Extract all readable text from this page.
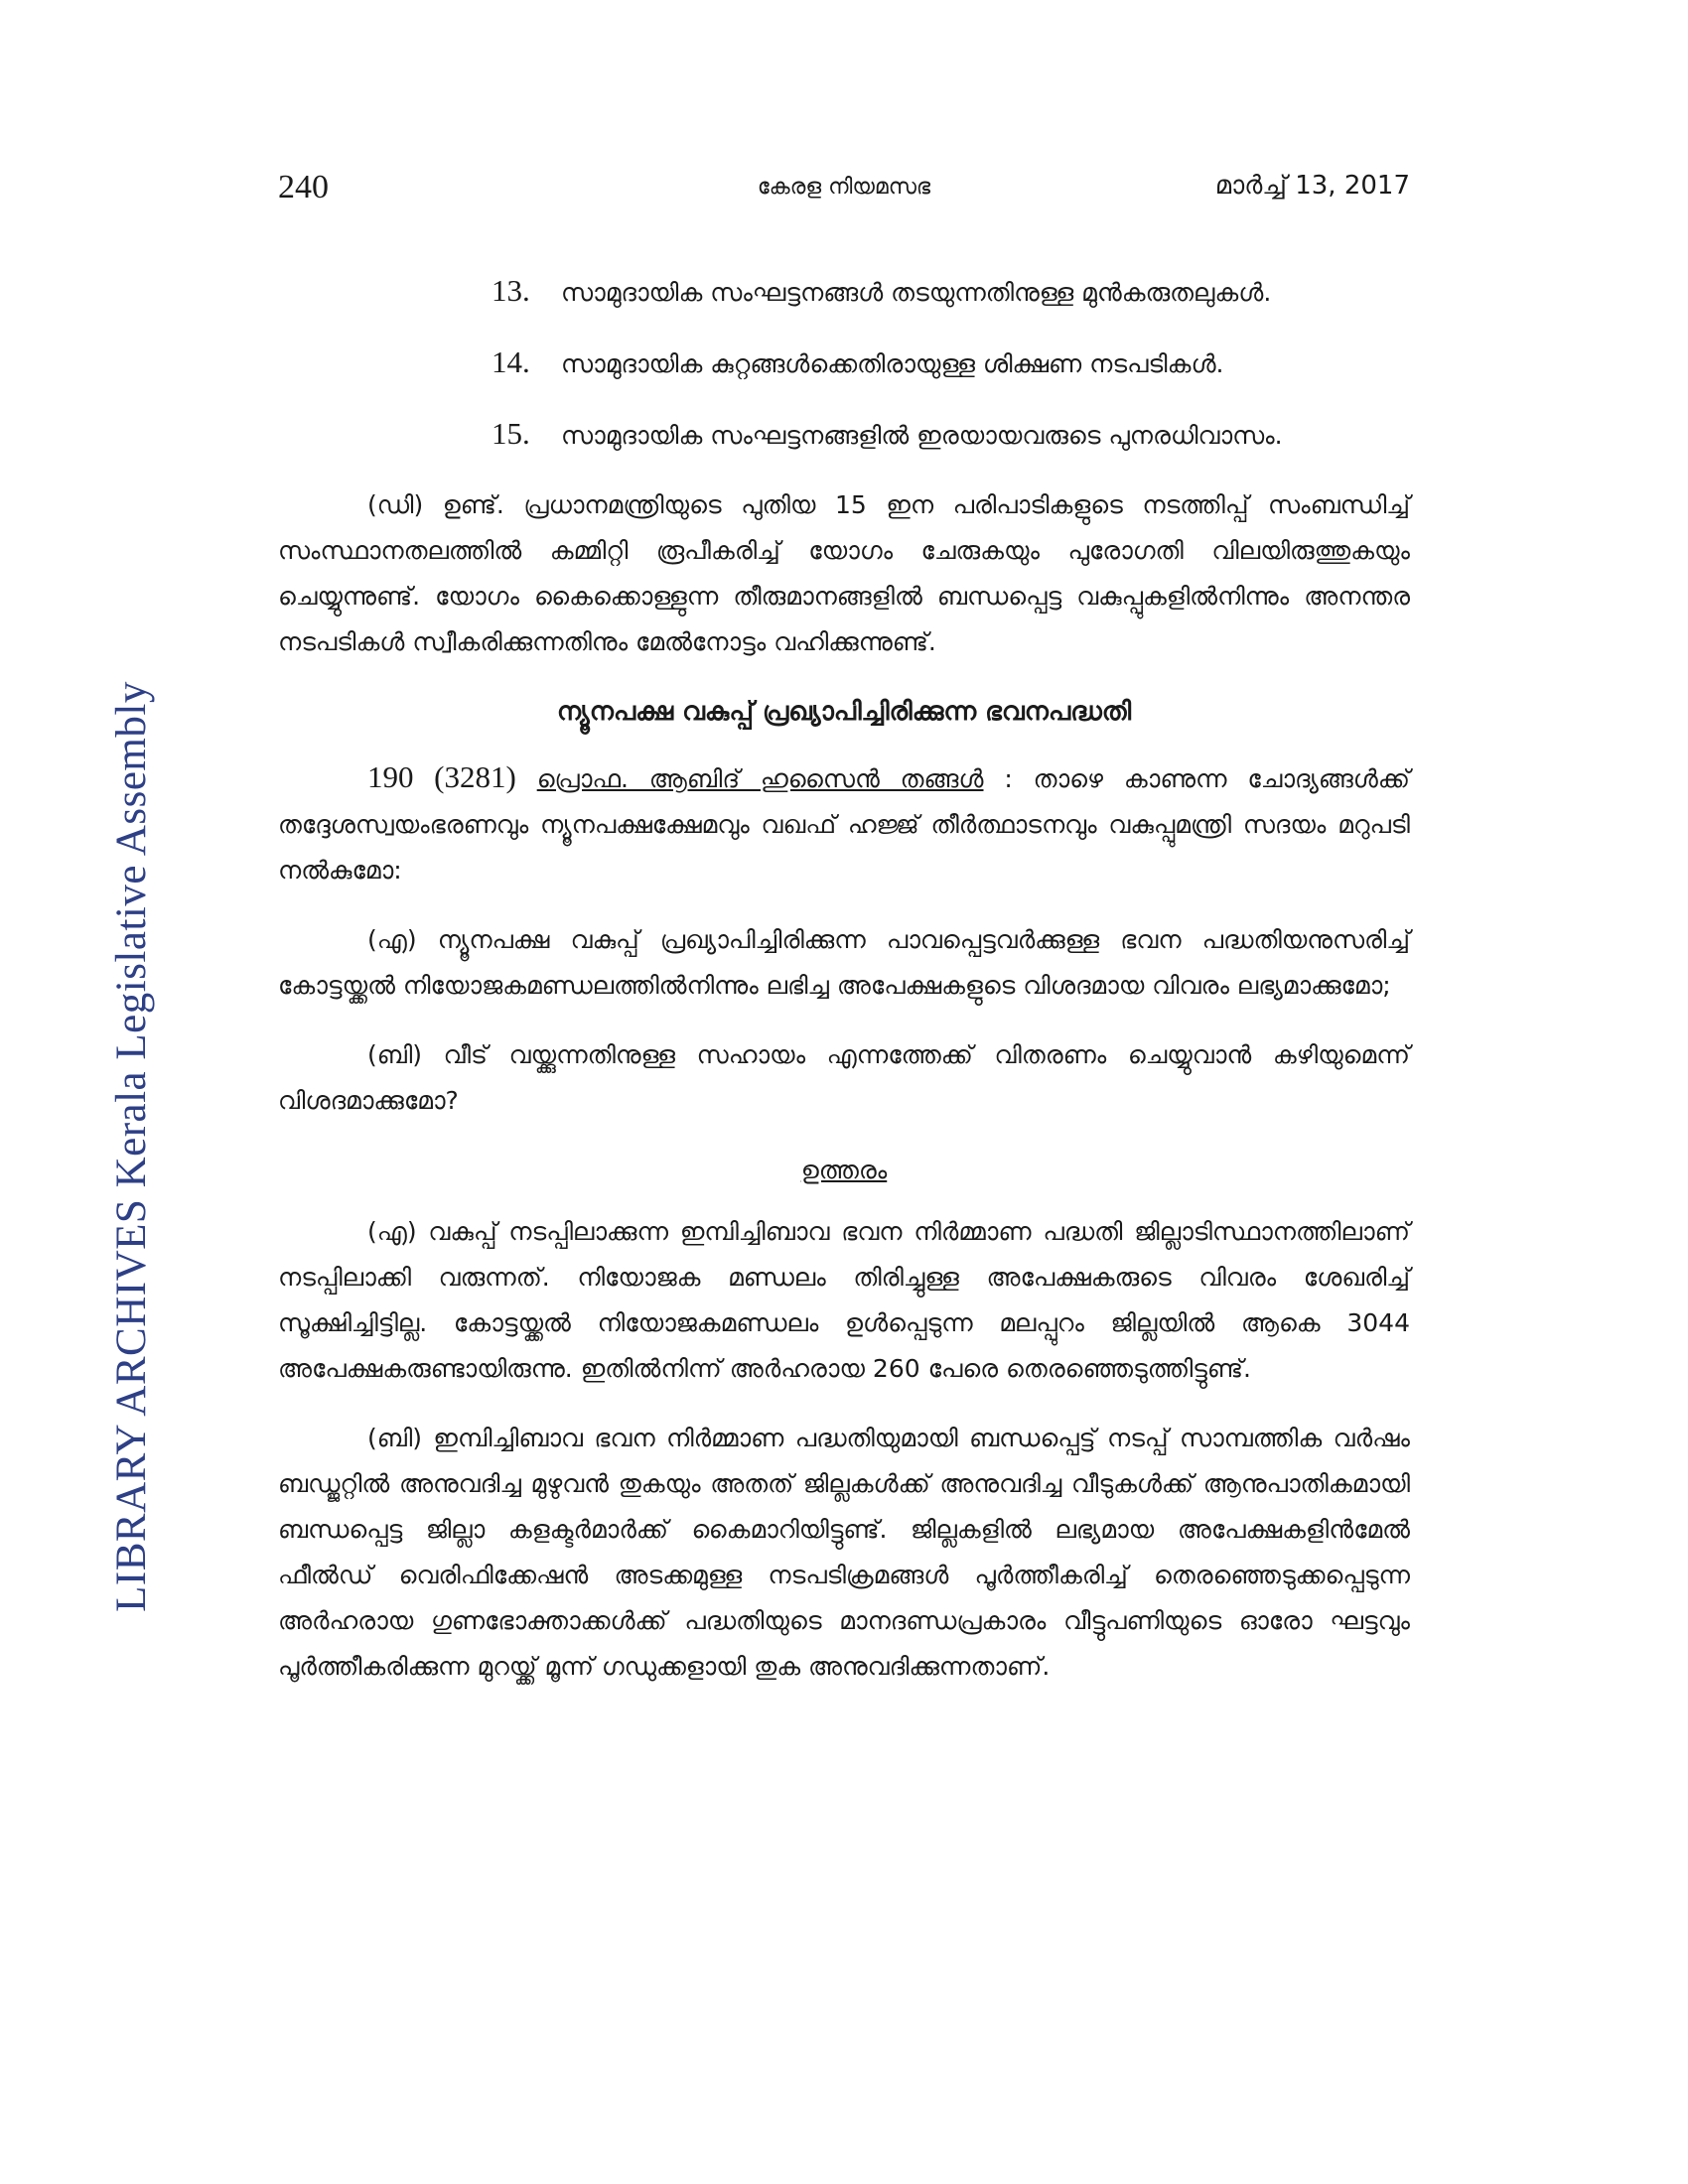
LIBRARY ARCHIVES Kerala Legislative Assembly
240	കേരള നിയമസഭ	മാർച്ച് 13, 2017
13.	സാമുദായിക സംഘട്ടനങ്ങൾ തടയുന്നതിനുള്ള മുൻകരുതലുകൾ.
14.	സാമുദായിക കുറ്റങ്ങൾക്കെതിരായുള്ള ശിക്ഷണ നടപടികൾ.
15.	സാമുദായിക സംഘട്ടനങ്ങളിൽ ഇരയായവരുടെ പുനരധിവാസം.

(ഡി) ഉണ്ട്. പ്രധാനമന്ത്രിയുടെ പുതിയ 15 ഇന പരിപാടികളുടെ നടത്തിപ്പ് സംബന്ധിച്ച് സംസ്ഥാനതലത്തിൽ കമ്മിറ്റി രൂപീകരിച്ച് യോഗം ചേരുകയും പുരോഗതി വിലയിരുത്തുകയും ചെയ്യുന്നുണ്ട്. യോഗം കൈക്കൊള്ളുന്ന തീരുമാനങ്ങളിൽ ബന്ധപ്പെട്ട വകുപ്പുകളിൽനിന്നും അനന്തര നടപടികൾ സ്വീകരിക്കുന്നതിനും മേൽനോട്ടം വഹിക്കുന്നുണ്ട്.

ന്യൂനപക്ഷ വകുപ്പ് പ്രഖ്യാപിച്ചിരിക്കുന്ന ഭവനപദ്ധതി

190 (3281) പ്രൊഫ. ആബിദ് ഹുസൈൻ തങ്ങൾ : താഴെ കാണുന്ന ചോദ്യങ്ങൾക്ക് തദ്ദേശസ്വയംഭരണവും ന്യൂനപക്ഷക്ഷേമവും വഖഫ് ഹജ്ജ് തീർത്ഥാടനവും വകുപ്പുമന്ത്രി സദയം മറുപടി നൽകുമോ:

(എ) ന്യൂനപക്ഷ വകുപ്പ് പ്രഖ്യാപിച്ചിരിക്കുന്ന പാവപ്പെട്ടവർക്കുള്ള ഭവന പദ്ധതിയനുസരിച്ച് കോട്ടയ്ക്കൽ നിയോജകമണ്ഡലത്തിൽനിന്നും ലഭിച്ച അപേക്ഷകളുടെ വിശദമായ വിവരം ലഭ്യമാക്കുമോ;

(ബി) വീട് വയ്ക്കുന്നതിനുള്ള സഹായം എന്നത്തേക്ക് വിതരണം ചെയ്യുവാൻ കഴിയുമെന്ന് വിശദമാക്കുമോ?

ഉത്തരം

(എ) വകുപ്പ് നടപ്പിലാക്കുന്ന ഇമ്പിച്ചിബാവ ഭവന നിർമ്മാണ പദ്ധതി ജില്ലാടിസ്ഥാനത്തിലാണ് നടപ്പിലാക്കി വരുന്നത്. നിയോജക മണ്ഡലം തിരിച്ചുള്ള അപേക്ഷകരുടെ വിവരം ശേഖരിച്ച് സൂക്ഷിച്ചിട്ടില്ല. കോട്ടയ്ക്കൽ നിയോജകമണ്ഡലം ഉൾപ്പെടുന്ന മലപ്പുറം ജില്ലയിൽ ആകെ 3044 അപേക്ഷകരുണ്ടായിരുന്നു. ഇതിൽനിന്ന് അർഹരായ 260 പേരെ തെരഞ്ഞെടുത്തിട്ടുണ്ട്.

(ബി) ഇമ്പിച്ചിബാവ ഭവന നിർമ്മാണ പദ്ധതിയുമായി ബന്ധപ്പെട്ട് നടപ്പ് സാമ്പത്തിക വർഷം ബഡ്ജറ്റിൽ അനുവദിച്ച മുഴുവൻ തുകയും അതത് ജില്ലകൾക്ക് അനുവദിച്ച വീടുകൾക്ക് ആനുപാതികമായി ബന്ധപ്പെട്ട ജില്ലാ കളക്ടർമാർക്ക് കൈമാറിയിട്ടുണ്ട്. ജില്ലകളിൽ ലഭ്യമായ അപേക്ഷകളിൻമേൽ ഫീൽഡ് വെരിഫിക്കേഷൻ അടക്കമുള്ള നടപടിക്രമങ്ങൾ പൂർത്തീകരിച്ച് തെരഞ്ഞെടുക്കപ്പെടുന്ന അർഹരായ ഗുണഭോക്താക്കൾക്ക് പദ്ധതിയുടെ മാനദണ്ഡപ്രകാരം വീട്ടുപണിയുടെ ഓരോ ഘട്ടവും പൂർത്തീകരിക്കുന്ന മുറയ്ക്ക് മൂന്ന് ഗഡുക്കളായി തുക അനുവദിക്കുന്നതാണ്.
